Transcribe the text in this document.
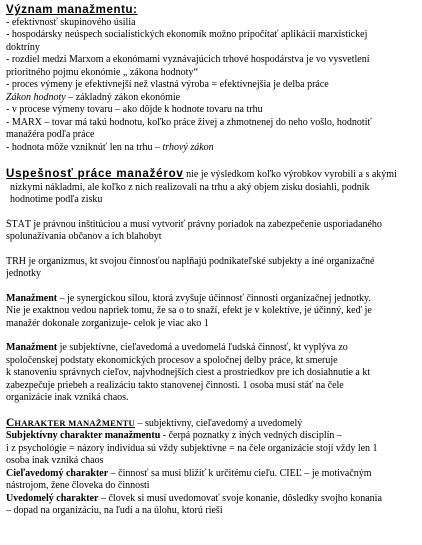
Význam manažmentu:
- efektívnosť skupinového úsilia
- hospodársky neúspech socialistických ekonomík možno pripočítať aplikácii marxistickej
doktríny
- rozdiel medzi Marxom a ekonómami vyznávajúcich trhové hospodárstva je vo vysvetlení
prioritného pojmu ekonómie „ zákona hodnoty“
- proces výmeny je efektívnejší než vlastná výroba = efektívnejšia je delba práce
Zákon hodnoty – základný zákon ekonómie
- v procese výmeny tovaru – ako dôjde k hodnote tovaru na trhu
- MARX – tovar má takú hodnotu, koľko práce živej a zhmotnenej do neho vošlo, hodnotiť
manažéra podľa práce
- hodnota môže vzniknúť len na trhu – trhový zákon
Úspešnosť práce manažérov nie je výsledkom koľko výrobkov vyrobili a s akými
nízkymi nákladmi, ale koľko z nich realizovali na trhu a aký objem zisku dosiahli, podnik
hodnotíme podľa zisku
ŠTÁT je právnou inštitúciou a musí vytvoriť právny poriadok na zabezpečenie usporiadaného
spolunažívania občanov a ich blahobyt
TRH je organizmus, kt svojou činnosťou napĺňajú podnikateľské subjekty a iné organizačné
jednotky
Manažment – je synergickou silou, ktorá zvyšuje účinnosť činnosti organizačnej jednotky.
Nie je exaktnou vedou napriek tomu, že sa o to snaží, efekt je v kolektíve, je účinný, keď je
manažér dokonale zorganizuje- celok je viac ako 1
Manažment je subjektívne, cieľavedomá a uvedomelá ľudská činnosť, kt vyplýva zo
spoločenskej podstaty ekonomických procesov a spoločnej delby práce, kt smeruje
k stanoveniu správnych cieľov, najvhodnejších ciest a prostriedkov pre ich dosiahnutie a kt
zabezpečuje priebeh a realizáciu takto stanovenej činnosti. 1 osoba musí stáť na čele
organizácie inak vzniká chaos.
CHARAKTER MANAŽMENTU – subjektívny, cieľavedomý a uvedomelý
Subjektívny charakter manažmentu - čerpá poznatky z iných vedných disciplín –
i z psychológie = názory indivídua sú vždy subjektívne = na čele organizácie stojí vždy len 1
osoba inak vzniká chaos
Cieľavedomý charakter – činnosť sa musí bližiť k určitému cieľu. CIEĽ – je motivačným
nástrojom, žene človeka do činnosti
Uvedomelý charakter – človek si musí uvedomovať svoje konanie, dôsledky svojho konania
– dopad na organizáciu, na ľudí a na úlohu, ktorú rieši
